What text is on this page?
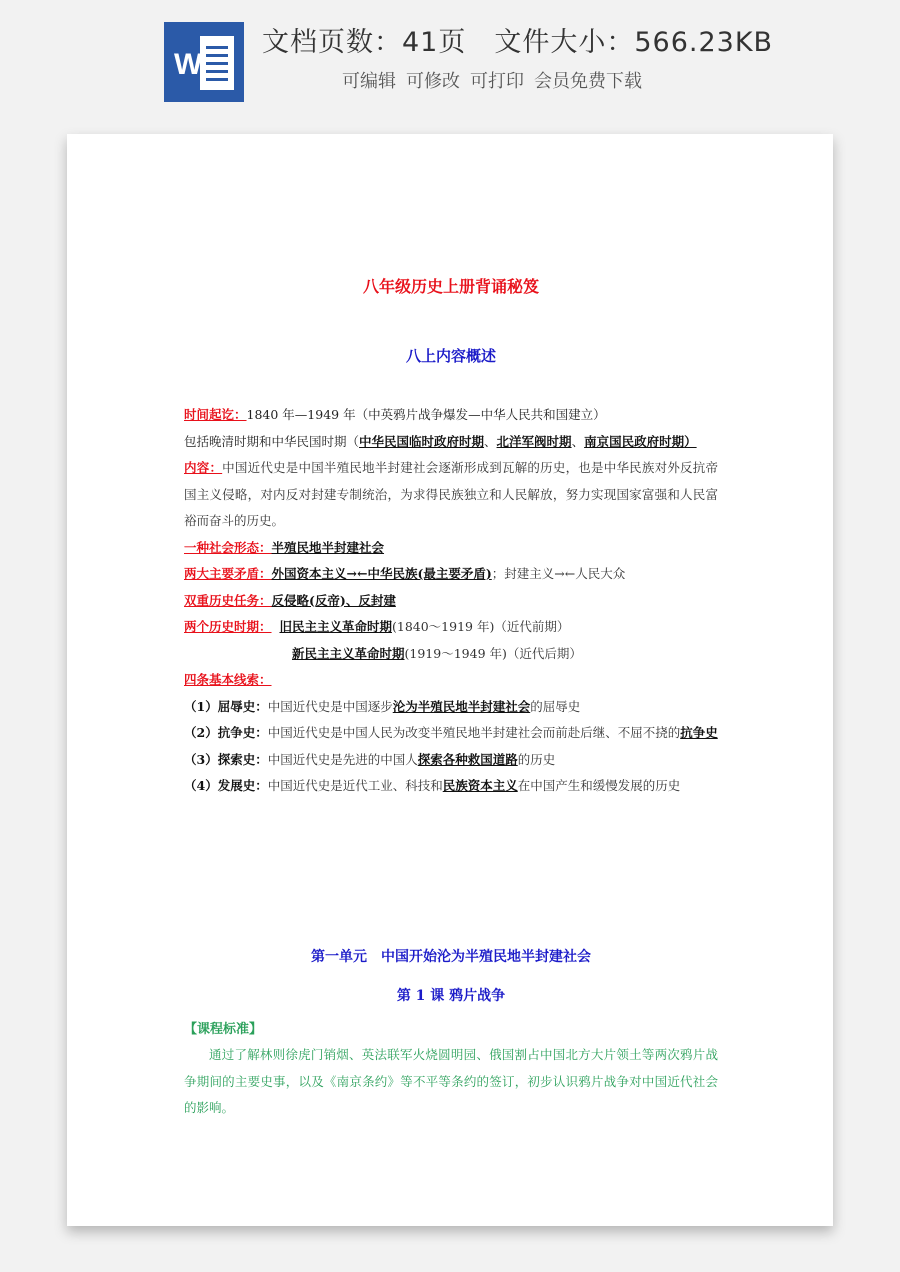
W
文档页数：41页 文件大小：566.23KB
可编辑 可修改 可打印 会员免费下载
八年级历史上册背诵秘笈
八上内容概述
时间起讫：1840 年—1949 年（中英鸦片战争爆发—中华人民共和国建立）
包括晚清时期和中华民国时期（中华民国临时政府时期、北洋军阀时期、南京国民政府时期）
内容：中国近代史是中国半殖民地半封建社会逐渐形成到瓦解的历史，也是中华民族对外反抗帝国主义侵略，对内反对封建专制统治，为求得民族独立和人民解放，努力实现国家富强和人民富裕而奋斗的历史。
一种社会形态：半殖民地半封建社会
两大主要矛盾：外国资本主义→←中华民族(最主要矛盾)；封建主义→←人民大众
双重历史任务：反侵略(反帝)、反封建
两个历史时期： 旧民主主义革命时期(1840～1919 年)（近代前期）
新民主主义革命时期(1919～1949 年)（近代后期）
四条基本线索：
（1）屈辱史：中国近代史是中国逐步沦为半殖民地半封建社会的屈辱史
（2）抗争史：中国近代史是中国人民为改变半殖民地半封建社会而前赴后继、不屈不挠的抗争史
（3）探索史：中国近代史是先进的中国人探索各种救国道路的历史
（4）发展史：中国近代史是近代工业、科技和民族资本主义在中国产生和缓慢发展的历史
第一单元　中国开始沦为半殖民地半封建社会
第 1 课 鸦片战争
【课程标准】
通过了解林则徐虎门销烟、英法联军火烧圆明园、俄国割占中国北方大片领土等两次鸦片战争期间的主要史事，以及《南京条约》等不平等条约的签订，初步认识鸦片战争对中国近代社会的影响。
